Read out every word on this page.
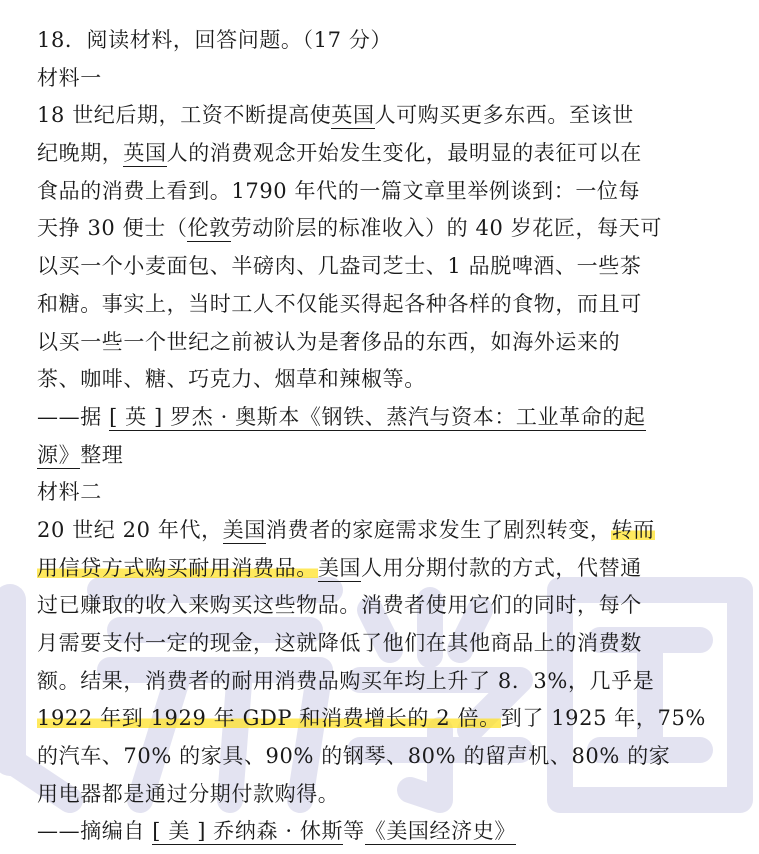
18．阅读材料，回答问题。（17 分）
材料一
18 世纪后期，工资不断提高使英国人可购买更多东西。至该世
纪晚期，英国人的消费观念开始发生变化，最明显的表征可以在
食品的消费上看到。1790 年代的一篇文章里举例谈到：一位每
天挣 30 便士（伦敦劳动阶层的标准收入）的 40 岁花匠，每天可
以买一个小麦面包、半磅肉、几盎司芝士、1 品脱啤酒、一些茶
和糖。事实上，当时工人不仅能买得起各种各样的食物，而且可
以买一些一个世纪之前被认为是奢侈品的东西，如海外运来的
茶、咖啡、糖、巧克力、烟草和辣椒等。
——据 [ 英 ] 罗杰 · 奥斯本《钢铁、蒸汽与资本：工业革命的起
源》整理
材料二
20 世纪 20 年代，美国消费者的家庭需求发生了剧烈转变，转而
用信贷方式购买耐用消费品。美国人用分期付款的方式，代替通
过已赚取的收入来购买这些物品。消费者使用它们的同时，每个
月需要支付一定的现金，这就降低了他们在其他商品上的消费数
额。结果，消费者的耐用消费品购买年均上升了 8．3%，几乎是
1922 年到 1929 年 GDP 和消费增长的 2 倍。到了 1925 年，75%
的汽车、70% 的家具、90% 的钢琴、80% 的留声机、80% 的家
用电器都是通过分期付款购得。
——摘编自 [ 美 ] 乔纳森 · 休斯等《美国经济史》
